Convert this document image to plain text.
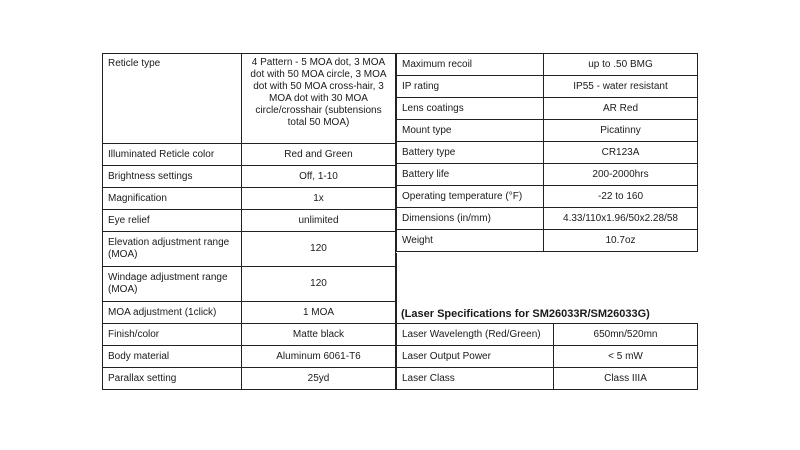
Reticle type	4 Pattern - 5 MOA dot, 3 MOA dot with 50 MOA circle, 3 MOA dot with 50 MOA cross-hair, 3 MOA dot with 30 MOA circle/crosshair (subtensions total 50 MOA)
Illuminated Reticle color	Red and Green
Brightness settings	Off, 1-10
Magnification	1x
Eye relief	unlimited
Elevation adjustment range (MOA)	120
Windage adjustment range (MOA)	120
MOA adjustment (1click)	1 MOA
Finish/color	Matte black
Body material	Aluminum 6061-T6
Parallax setting	25yd
Maximum recoil	up to .50 BMG
IP rating	IP55 - water resistant
Lens coatings	AR Red
Mount type	Picatinny
Battery type	CR123A
Battery life	200-2000hrs
Operating temperature (°F)	-22 to 160
Dimensions (in/mm)	4.33/110x1.96/50x2.28/58
Weight	10.7oz
(Laser Specifications for SM26033R/SM26033G)
Laser Wavelength (Red/Green)	650mn/520mn
Laser Output Power	< 5 mW
Laser Class	Class IIIA
